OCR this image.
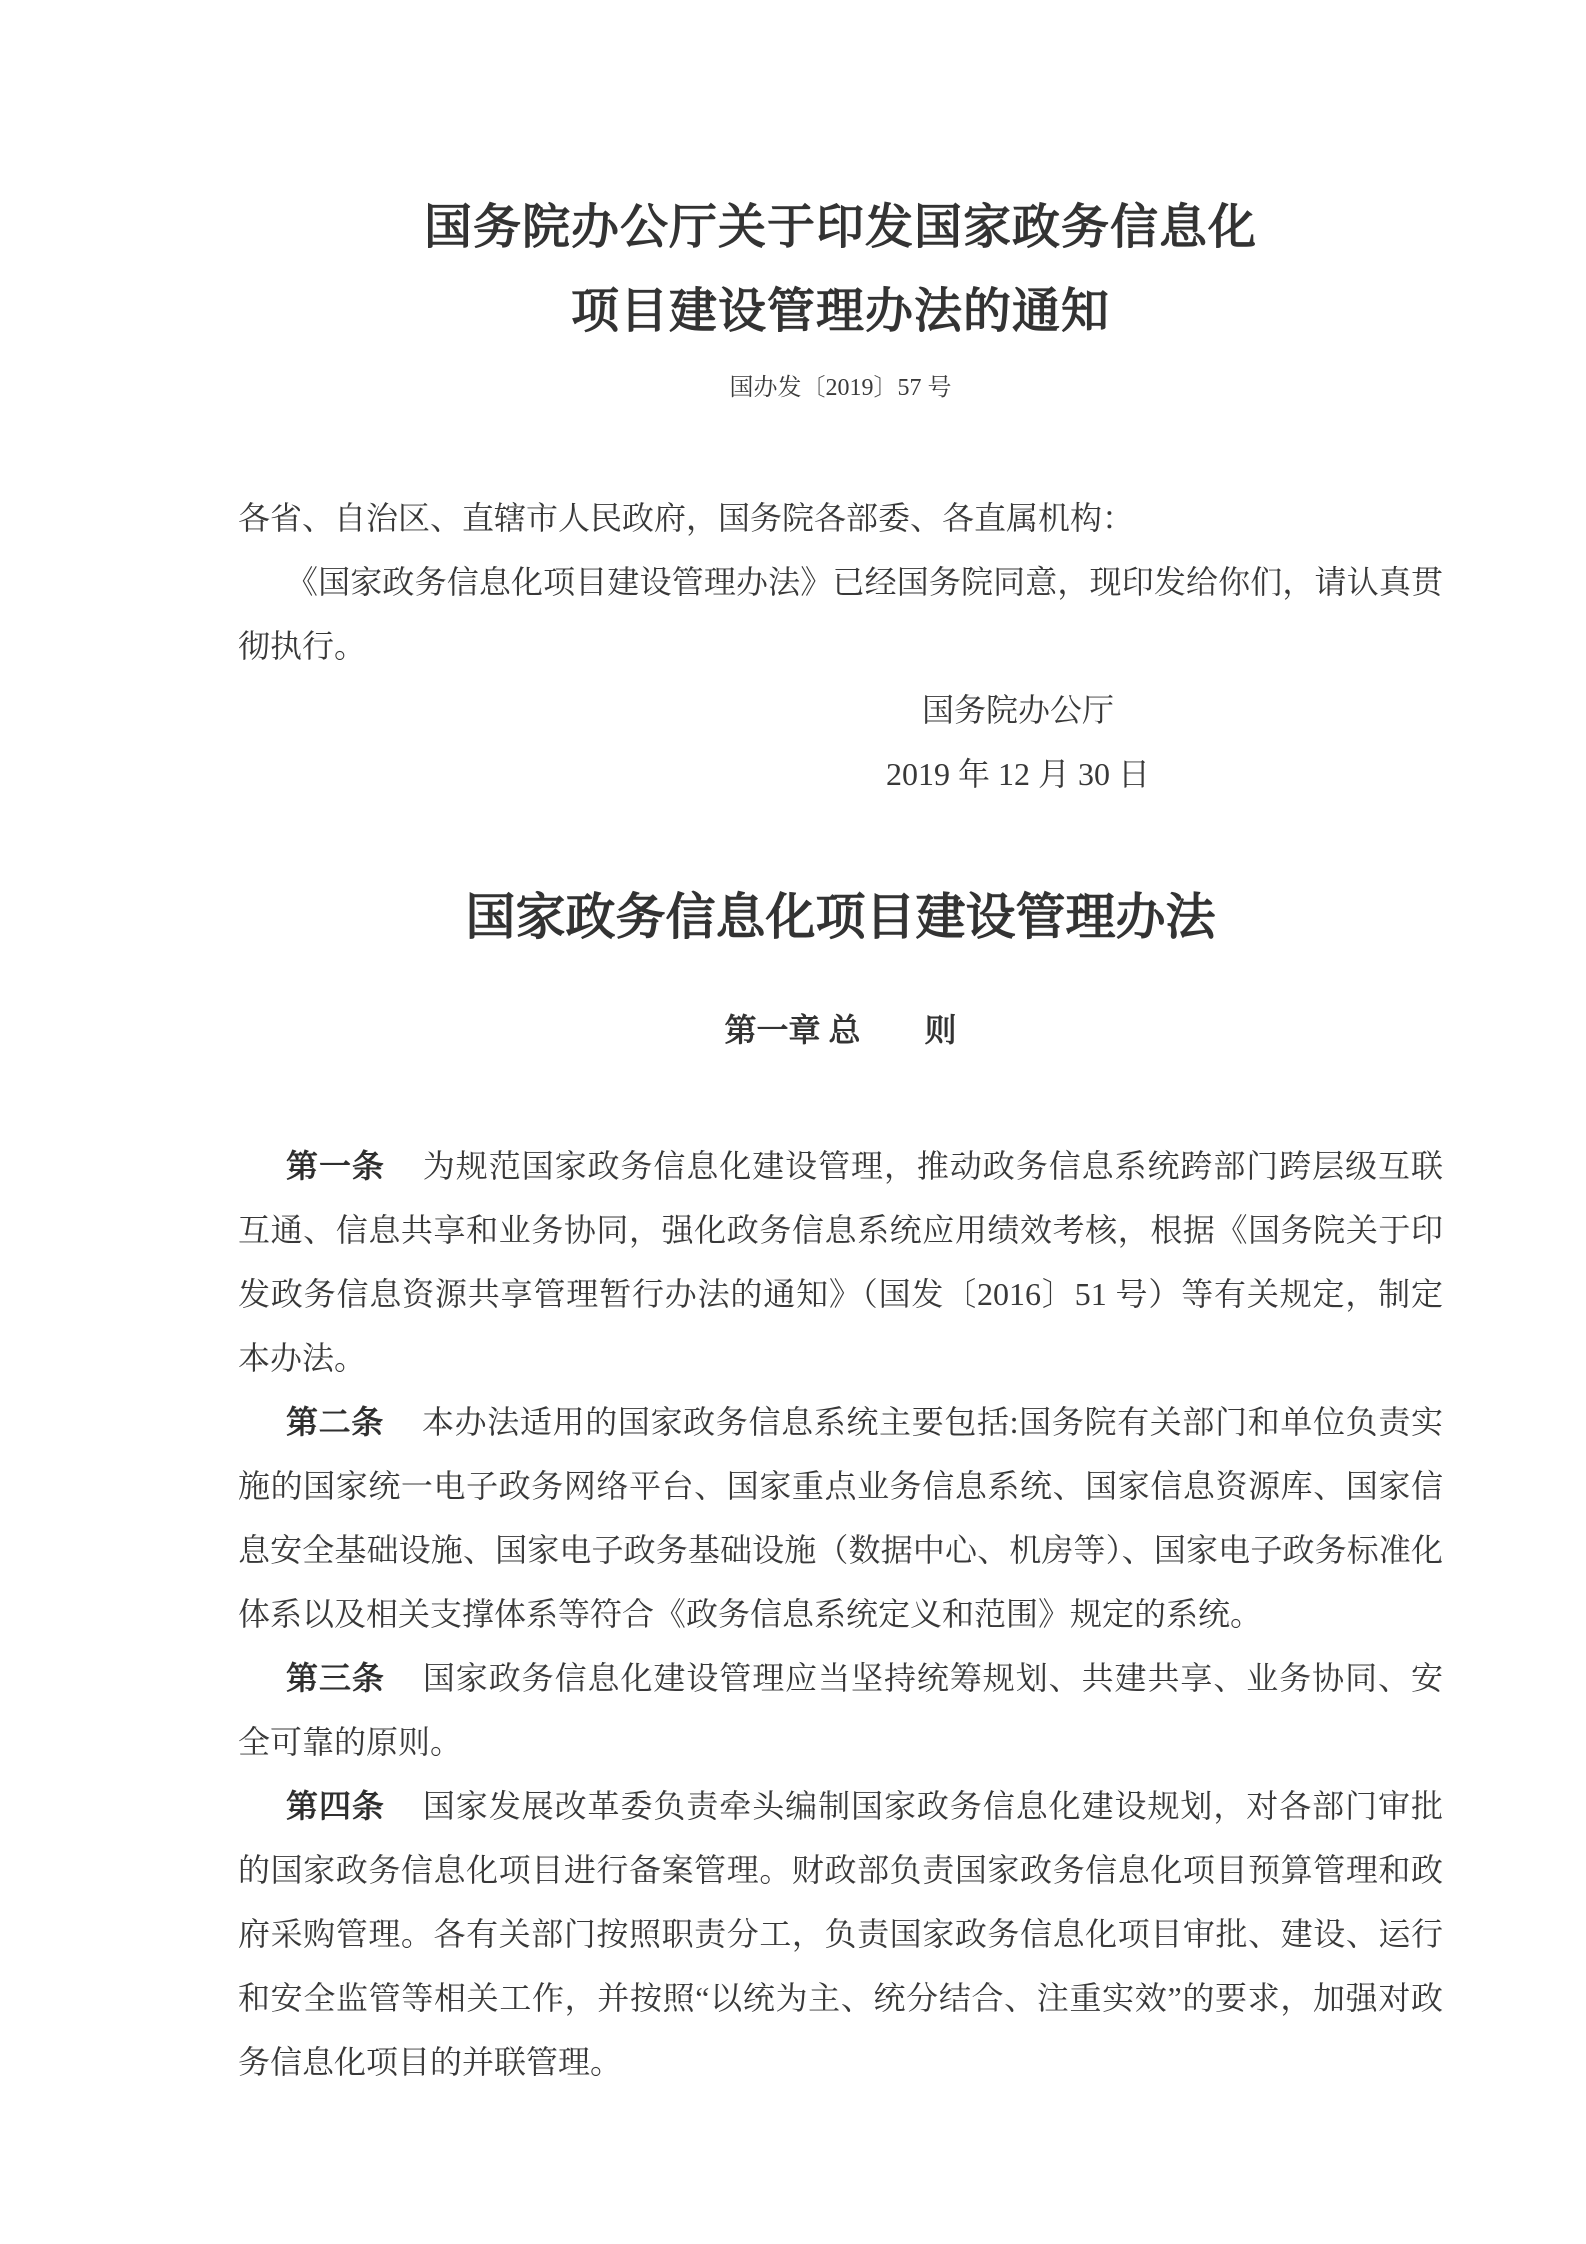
国务院办公厅关于印发国家政务信息化
项目建设管理办法的通知
国办发〔2019〕57 号

各省、自治区、直辖市人民政府，国务院各部委、各直属机构：

《国家政务信息化项目建设管理办法》已经国务院同意，现印发给你们，请认真贯彻执行。

国务院办公厅
2019 年 12 月 30 日
国家政务信息化项目建设管理办法
第一章 总　　则

第一条 为规范国家政务信息化建设管理，推动政务信息系统跨部门跨层级互联互通、信息共享和业务协同，强化政务信息系统应用绩效考核，根据《国务院关于印发政务信息资源共享管理暂行办法的通知》（国发〔2016〕51 号）等有关规定，制定本办法。

第二条 本办法适用的国家政务信息系统主要包括:国务院有关部门和单位负责实施的国家统一电子政务网络平台、国家重点业务信息系统、国家信息资源库、国家信息安全基础设施、国家电子政务基础设施（数据中心、机房等）、国家电子政务标准化体系以及相关支撑体系等符合《政务信息系统定义和范围》规定的系统。

第三条 国家政务信息化建设管理应当坚持统筹规划、共建共享、业务协同、安全可靠的原则。

第四条 国家发展改革委负责牵头编制国家政务信息化建设规划，对各部门审批的国家政务信息化项目进行备案管理。财政部负责国家政务信息化项目预算管理和政府采购管理。各有关部门按照职责分工，负责国家政务信息化项目审批、建设、运行和安全监管等相关工作，并按照“以统为主、统分结合、注重实效”的要求，加强对政务信息化项目的并联管理。
